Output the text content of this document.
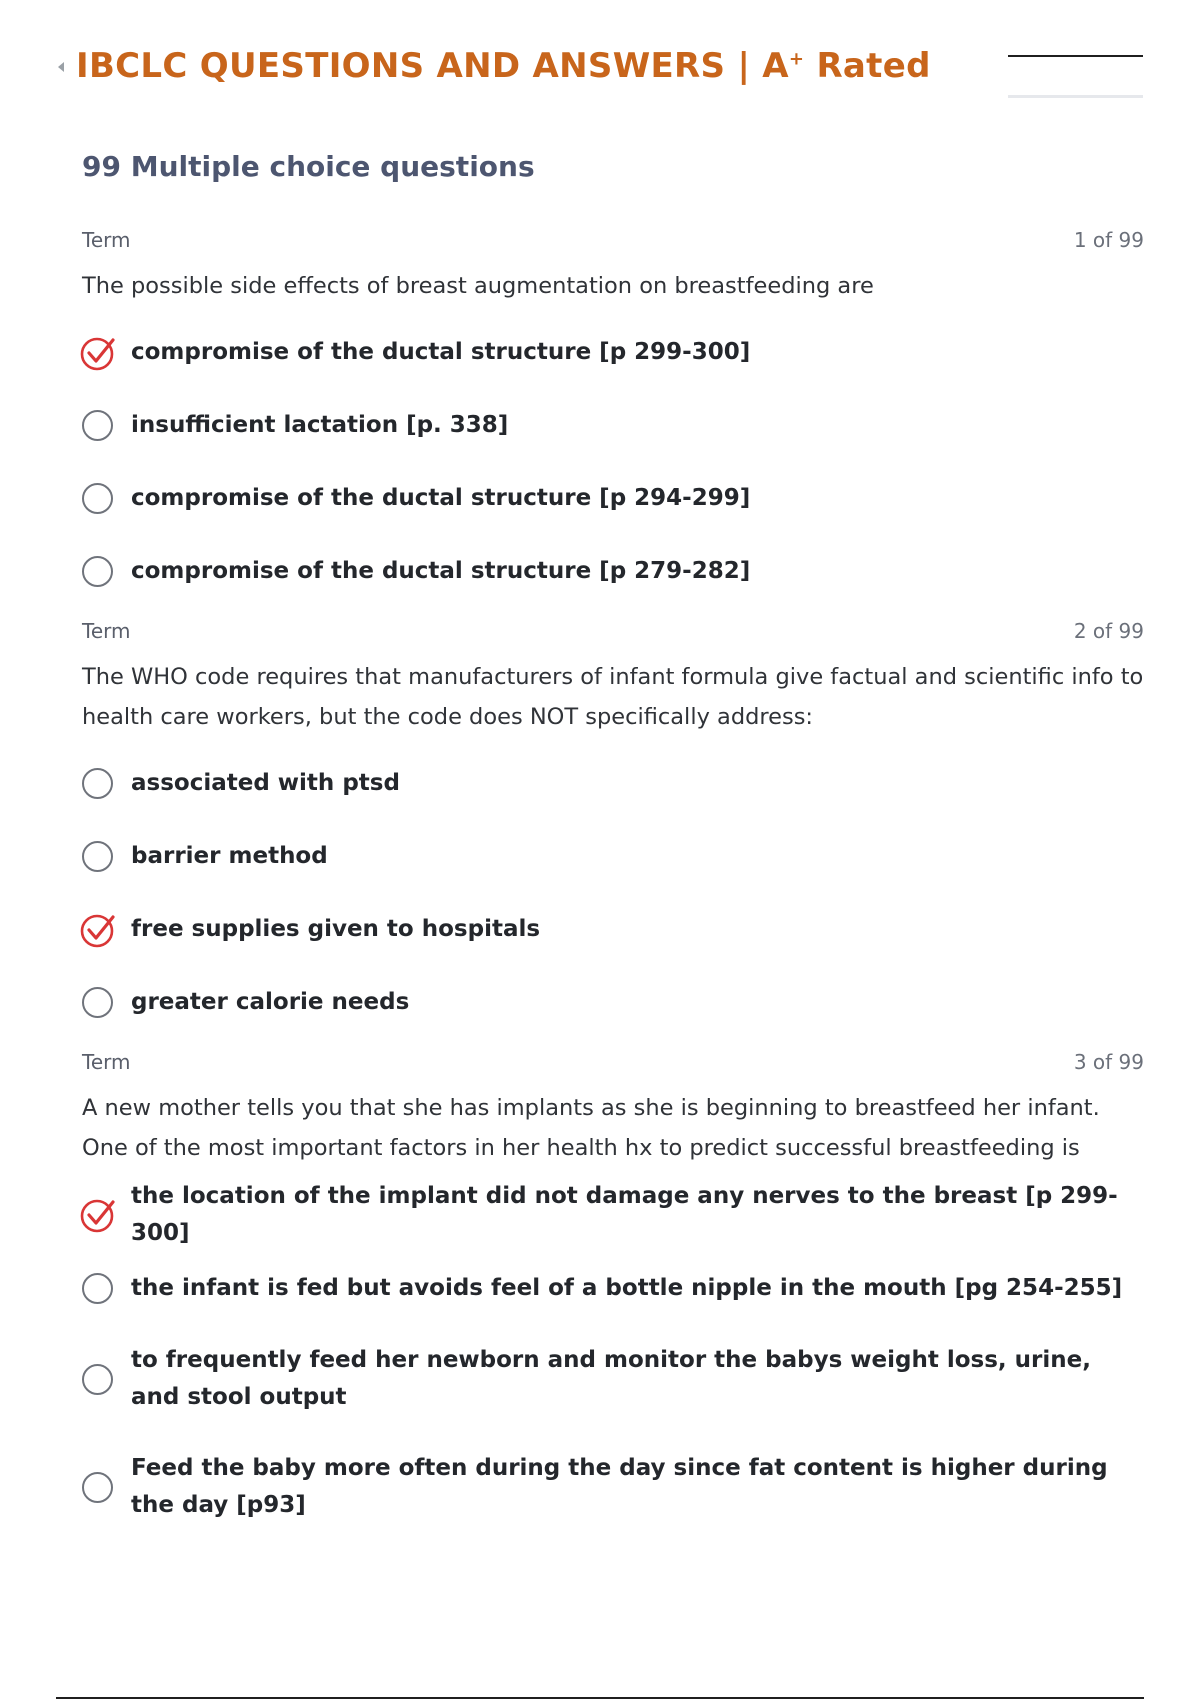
IBCLC QUESTIONS AND ANSWERS | A+ Rated
99 Multiple choice questions
Term	1 of 99
The possible side effects of breast augmentation on breastfeeding are
compromise of the ductal structure [p 299-300]
insufficient lactation [p. 338]
compromise of the ductal structure [p 294-299]
compromise of the ductal structure [p 279-282]
Term	2 of 99
The WHO code requires that manufacturers of infant formula give factual and scientific info to health care workers, but the code does NOT specifically address:
associated with ptsd
barrier method
free supplies given to hospitals
greater calorie needs
Term	3 of 99
A new mother tells you that she has implants as she is beginning to breastfeed her infant. One of the most important factors in her health hx to predict successful breastfeeding is
the location of the implant did not damage any nerves to the breast [p 299-300]
the infant is fed but avoids feel of a bottle nipple in the mouth [pg 254-255]
to frequently feed her newborn and monitor the babys weight loss, urine, and stool output
Feed the baby more often during the day since fat content is higher during the day [p93]
